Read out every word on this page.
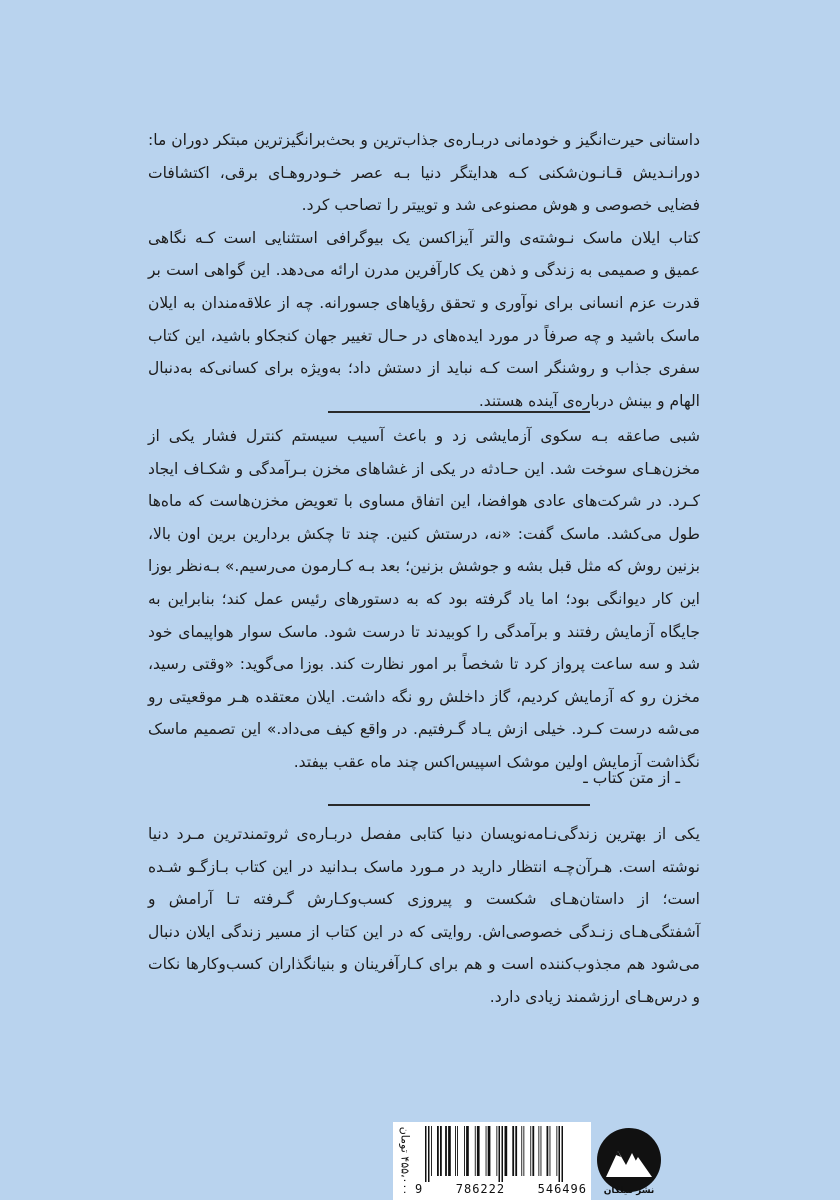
داستانی حیرت‌انگیز و خودمانی دربـاره‌ی جذاب‌ترین و بحث‌برانگیزترین مبتکر دوران ما: دورانـدیش قـانـون‌شکنی کـه هدایتگر دنیا بـه عصر خـودروهـای برقی، اکتشافات فضایی خصوصی و هوش مصنوعی شد و توییتر را تصاحب کرد.

کتاب ایلان ماسک نـوشته‌ی والتر آیزاکسن یک بیوگرافی استثنایی است کـه نگاهی عمیق و صمیمی به زندگی و ذهن یک کارآفرین مدرن ارائه می‌دهد. این گواهی است بر قدرت عزم انسانی برای نوآوری و تحقق رؤیاهای جسورانه. چه از علاقه‌مندان به ایلان ماسک باشید و چه صرفاً در مورد ایده‌های در حـال تغییر جهان کنجکاو باشید، این کتاب سفری جذاب و روشنگر است کـه نباید از دستش داد؛ به‌ویژه برای کسانی‌که به‌دنبال الهام و بینش درباره‌ی آینده هستند.

شبی صاعقه بـه سکوی آزمایشی زد و باعث آسیب سیستم کنترل فشار یکی از مخزن‌هـای سوخت شد. این حـادثه در یکی از غشاهای مخزن بـرآمدگی و شکـاف ایجاد کـرد. در شرکت‌های عادی هوافضا، این اتفاق مساوی با تعویض مخزن‌هاست که ماه‌ها طول می‌کشد. ماسک گفت: «نه، درستش کنین. چند تا چکش بردارین برین اون بالا، بزنین روش که مثل قبل بشه و جوشش بزنین؛ بعد بـه کـارمون می‌رسیم.» بـه‌نظر بوزا این کار دیوانگی بود؛ اما یاد گرفته بود که به دستورهای رئیس عمل کند؛ بنابراین به جایگاه آزمایش رفتند و برآمدگی را کوبیدند تا درست شود. ماسک سوار هواپیمای خود شد و سه ساعت پرواز کرد تا شخصاً بر امور نظارت کند. بوزا می‌گوید: «وقتی رسید، مخزن رو که آزمایش کردیم، گاز داخلش رو نگه داشت. ایلان معتقده هـر موقعیتی رو می‌شه درست کـرد. خیلی ازش یـاد گـرفتیم. در واقع کیف می‌داد.» این تصمیم ماسک نگذاشت آزمایش اولین موشک اسپیس‌اکس چند ماه عقب بیفتد.

ـ از متن کتاب ـ

یکی از بهترین زندگی‌نـامه‌نویسان دنیا کتابی مفصل دربـاره‌ی ثروتمندترین مـرد دنیا نوشته است. هـرآن‌چـه انتظار دارید در مـورد ماسک بـدانید در این کتاب بـازگـو شـده است؛ از داستان‌هـای شکست و پیروزی کسب‌وکـارش گـرفته تـا آرامش و آشفتگی‌هـای زنـدگی خصوصی‌اش. روایتی که در این کتاب از مسیر زندگی ایلان دنبال می‌شود هم مجذوب‌کننده است و هم برای کـارآفرینان و بنیانگذاران کسب‌وکارها نکات و درس‌هـای ارزشمند زیادی دارد.

9	786222	546496
۴۵۵،۰۰۰ تومان	نشر میلکان
